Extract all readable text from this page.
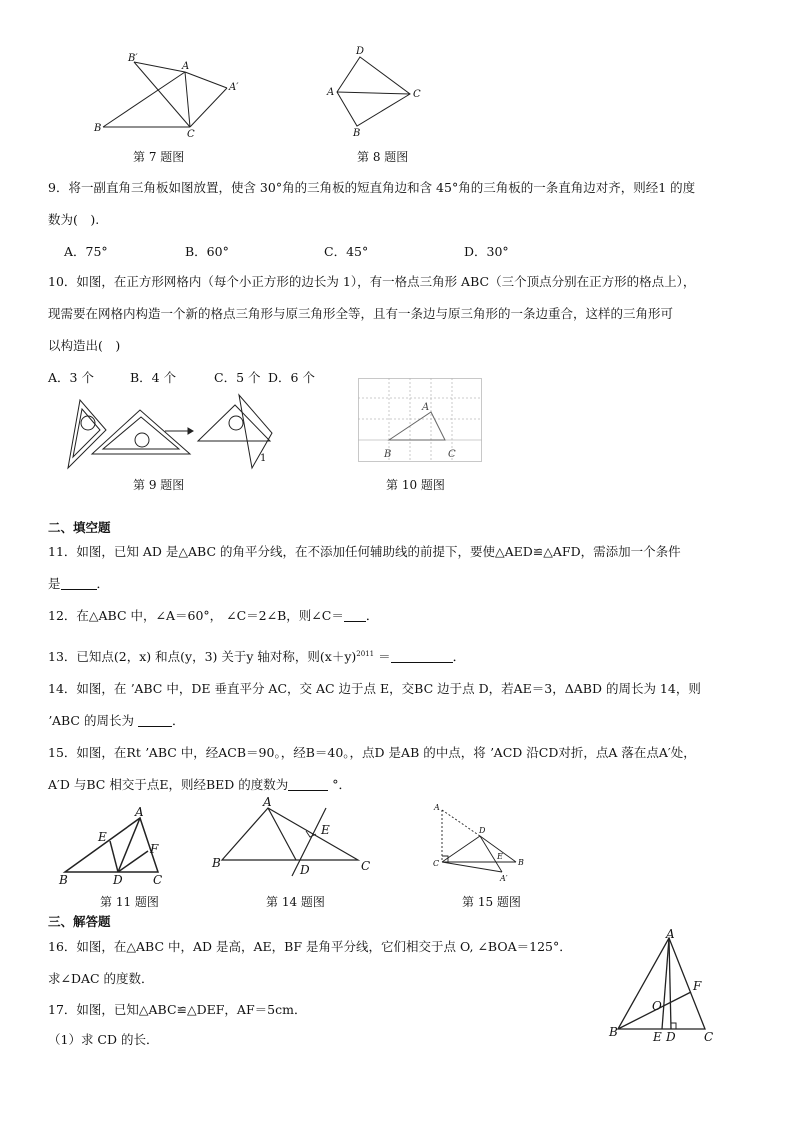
B′
A
A′
B
C
第 7 题图
D
A	C
B
第 8 题图
9．将一副直角三角板如图放置，使含 30°角的三角板的短直角边和含 45°角的三角板的一条直角边对齐，则经1 的度
数为(　).
A．75°	B．60°	C．45°	D．30°
10．如图，在正方形网格内（每个小正方形的边长为 1），有一格点三角形 ABC（三个顶点分别在正方形的格点上），
现需要在网格内构造一个新的格点三角形与原三角形全等，且有一条边与原三角形的一条边重合，这样的三角形可
以构造出(　)
A．3 个	B．4 个	C．5 个 D．6 个
1
第 9 题图
A
B	C
第 10 题图
二、填空题
11．如图，已知 AD 是△ABC 的角平分线，在不添加任何辅助线的前提下，要使△AED≌△AFD，需添加一个条件
是	．
12．在△ABC 中，∠A＝60°， ∠C＝2∠B，则∠C＝ ．
13．已知点(2，x) 和点(y，3) 关于y 轴对称，则$(x+y)^{2011}$ ＝	．
14．如图，在 ʼABC 中，DE 垂直平分 AC，交 AC 边于点 E，交BC 边于点 D，若AE＝3，ΔABD 的周长为 14，则
ʼABC 的周长为	．
15．如图，在Rt ʼABC 中，经ACB＝90。，经B＝40。，点D 是AB 的中点，将 ʼACD 沿CD对折，点A 落在点A′处，
A′D 与BC 相交于点E，则经BED 的度数为	°．
A
E
F
B	D	C
第 11 题图
A
E
B	D	C
第 14 题图
A
D
E
B
C
A′
第 15 题图
三、解答题
16．如图，在△ABC 中，AD 是高，AE，BF 是角平分线，它们相交于点 O, ∠BOA＝125°．
求∠DAC 的度数．
17．如图，已知△ABC≌△DEF，AF＝5cm．
（1）求 CD 的长．
A
F
O
B	E D C
